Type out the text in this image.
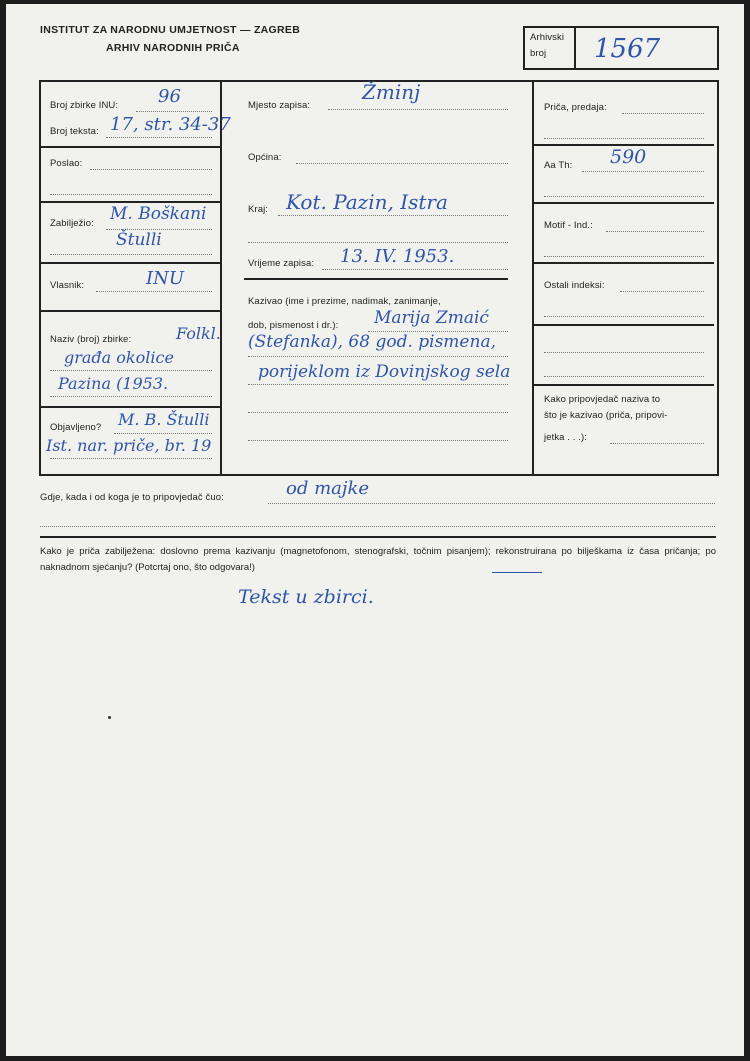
INSTITUT ZA NARODNU UMJETNOST — ZAGREB
ARHIV NARODNIH PRIČA
Arhivski
broj 1567
Broj zbirke INU: 96
Broj teksta: 17, str. 34-37
Poslao:
Zabilježio: M. Boškani
Štulli
Vlasnik:	INU
Naziv (broj) zbirke:	Folkl.
građa okolice
Pazina (1953.
Objavljeno? M. B. Štulli
Ist. nar. priče, br. 19
Mjesto zapisa:
Žminj
Općina:
Kraj: Kot. Pazin, Istra
Vrijeme zapisa: 13. IV. 1953.
Kazivao (ime i prezime, nadimak, zanimanje,
dob, pismenost i dr.): Marija Zmaić
(Stefanka), 68 god. pismena,
porijeklom iz Dovinjskog sela
Priča, predaja:
Aa Th: 590
Motif - Ind.:
Ostali indeksi:
Kako pripovjedač naziva to
što je kazivao (priča, pripovi-
jetka . . .):
Gdje, kada i od koga je to pripovjedač čuo:	od majke
Kako je priča zabilježena: doslovno prema kazivanju (magnetofonom, stenografski, točnim pisanjem); rekonstruirana po bilješkama iz časa pričanja; po naknadnom sjećanju? (Potcrtaj ono, što odgovara!)
Tekst u zbirci.
